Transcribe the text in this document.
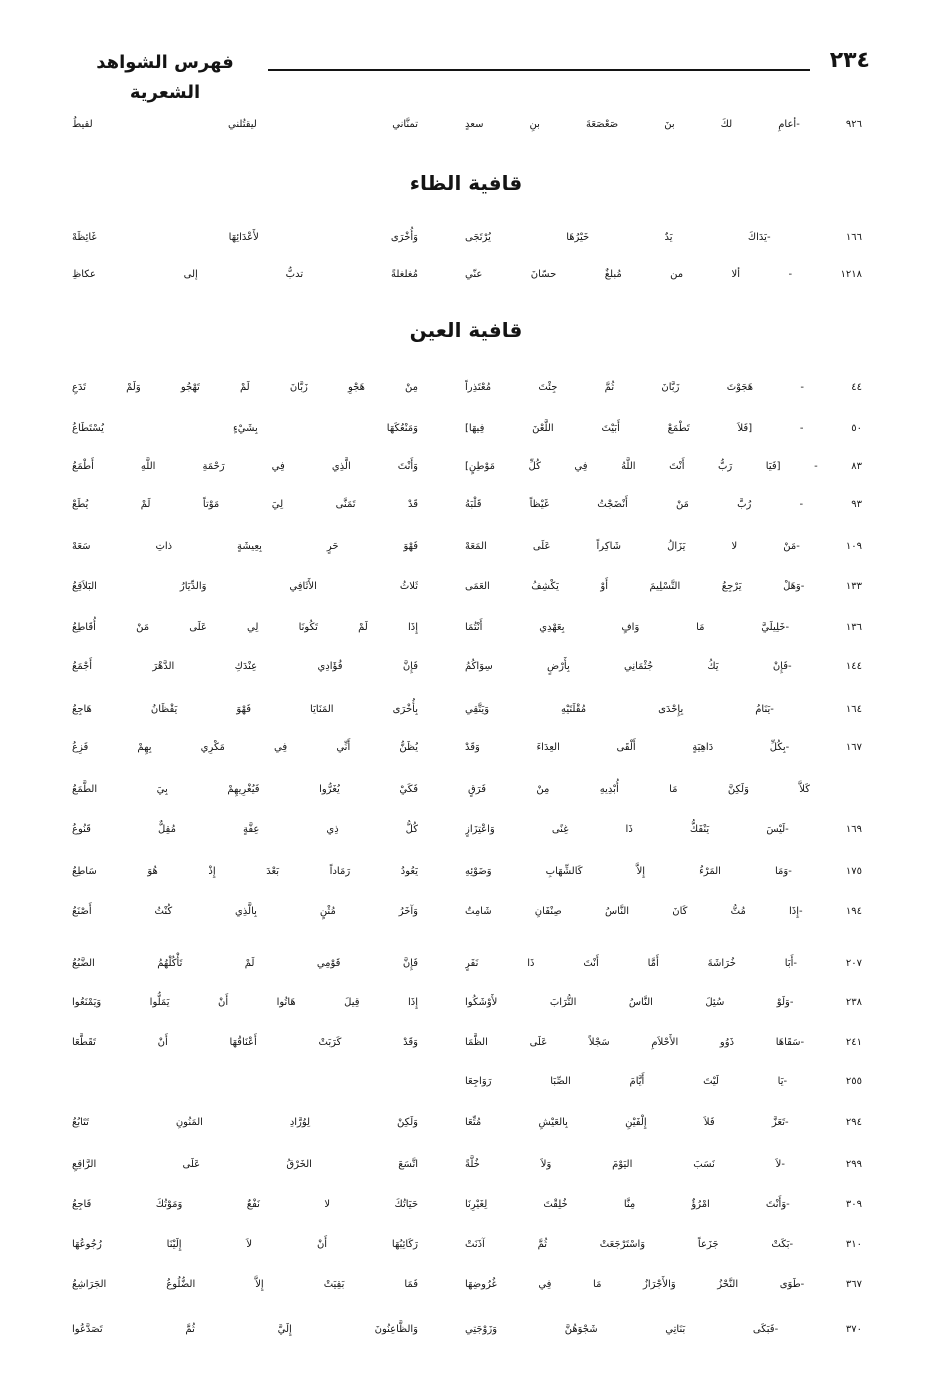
٢٣٤
فهرس الشواهد الشعرية
٩٢٦ -أعامِ لكَ بنَ صَعْصَعَةَ بنِ سعدٍ
تمنَّاني ليقتُلني لقيطُ
قافية الظاء
١٦٦ -يَدَاكَ يَدٌ خَيْرُهَا يُرْتَجَى
وَأُخْرَى لأَعْدَائِهَا غَائِظَهْ
١٢١٨ - ألا من مُبلغٌ حسّانَ عنّي
مُغلغلةً تدبُّ إلى عكاظِ
قافية العين
٤٤ - هَجَوْتَ زَبَّانَ ثُمَّ جِئْتَ مُعْتَذِراً
مِنْ هَجْوِ زَبَّانَ لَمْ تَهْجُو وَلَمْ تَدَعِ
٥٠ - [فَلاَ تَطْمَعْ أَبَيْتَ اللَّعْنَ فِيهَا]
وَمَنْعُكَهَا بِشَيْءٍ يُسْتَطَاعُ
٨٣ - [فَيَا رَبُّ أَنْتَ اللَّهُ فِي كُلِّ مَوْطِنٍ]
وَأَنْتَ الَّذِي فِي رَحْمَةِ اللَّهِ أَطْمَعُ
٩٣ - رُبَّ مَنْ أَنْضَجْتُ غَيْظاً قَلْبَهُ
قَدْ تَمَنَّى لِيَ مَوْتاً لَمْ يُطَعْ
١٠٩ -مَنْ لا يَزَالُ شَاكِراً عَلَى المَعَهْ
فَهْوَ حَرٍ بِعِيشَةٍ ذاتِ سَعَهْ
١٣٣ -وَهَلْ يَرْجِعُ التَّسْلِيمَ أَوْ يَكْشِفُ العَمَى
ثَلاثُ الأَثَافِي وَالدِّيَارُ البَلاَقِعُ
١٣٦ -خَلِيلَيَّ مَا وَافٍ بِعَهْدِي أَنْتُمَا
إِذَا لَمْ تَكُونَا لِي عَلَى مَنْ أُقَاطِعُ
١٤٤ -فَإِنْ يَكُ جُثْمَانِي بِأَرْضٍ سِوَاكُمُ
فَإِنَّ فُؤَادِي عِنْدَكِ الدَّهْرَ أَجْمَعُ
١٦٤ -يَنَامُ بِإِحْدَى مُقْلَتَيْهِ وَيَتَّقِي
بِأُخْرَى المَنَايَا فَهْوَ يَقْظَانُ هَاجِعُ
١٦٧ -بِكُلِّ دَاهِيَةٍ أَلْقَى العِدَاءَ وَقَدْ
يُظَنُّ أَنِّي فِي مَكْرِي بِهِمْ فَزِعُ
كَلاَّ وَلَكِنَّ مَا أُبْدِيهِ مِنْ فَرَقٍ
فَكَيْ يُغَرُّوا فَيُغْرِيهِمْ بِيَ الطَّمَعُ
١٦٩ -لَيْسَ يَنْفَكُّ ذَا غِنًى وَاعْتِزَازٍ
كُلُّ ذِي عِفَّةٍ مُقِلٌّ قَنُوعُ
١٧٥ -وَمَا المَرْءُ إِلاَّ كَالشِّهَابِ وَضَوْئِهِ
يَعُودُ رَمَاداً بَعْدَ إِذْ هُوَ سَاطِعُ
١٩٤ -إِذَا مُتُّ كَانَ النَّاسُ صِنْفَانِ شَامِتٌ
وَآخَرُ مُثْنٍ بِالَّذِي كُنْتُ أَصْنَعُ
٢٠٧ -أَبَا خُرَاشَةَ أَمَّا أَنْتَ ذَا نَفَرٍ
فَإِنَّ قَوْمِي لَمْ تَأْكُلْهُمُ الضَّبُعُ
٢٣٨ -وَلَوْ سُئِلَ النَّاسُ التُّرَابَ لأَوْشَكُوا
إِذَا قِيلَ هَاتُوا أَنْ يَمَلُّوا وَيَمْنَعُوا
٢٤١ -سَقَاهَا ذَوُو الأَحْلاَمِ سَجْلاً عَلَى الظَّمَا
وَقَدْ كَرَبَتْ أَعْنَاقُهَا أَنْ تَقَطَّعَا
٢٥٥ -يَا لَيْتَ أَيَّامَ الصِّبَا رَوَاجِعَا
٢٩٤ -تَعَزَّ فَلاَ إِلْفَيْنِ بِالعَيْشِ مُتِّعَا
وَلَكِنْ لِوُرَّادِ المَنُونِ تَتَابُعُ
٢٩٩ -لاَ نَسَبَ اليَوْمَ وَلاَ خُلَّةً
اتَّسَعَ الخَرْقُ عَلَى الرَّاقِعِ
٣٠٩ -وَأَنْتَ امْرُؤٌ مِنَّا خُلِقْتَ لِغَيْرِنَا
حَيَاتُكَ لا نَفْعٌ وَمَوْتُكَ فَاجِعُ
٣١٠ -بَكَتْ جَزَعاً وَاسْتَرْجَعَتْ ثُمَّ آذَنَتْ
رَكَائِبُهَا أَنْ لاَ إِلَيْنَا رُجُوعُهَا
٣٦٧ -طَوَى النَّحْزُ وَالأَجْرَازُ مَا فِي غُرُوضِهَا
فَمَا بَقِيَتْ إِلاَّ الضُّلُوعُ الجَرَاشِعُ
٣٧٠ -فَبَكَى بَنَاتِي شَجْوَهُنَّ وَزَوْجَتِي
وَالظَّاعِنُونَ إِلَيَّ ثُمَّ تَصَدَّعُوا
